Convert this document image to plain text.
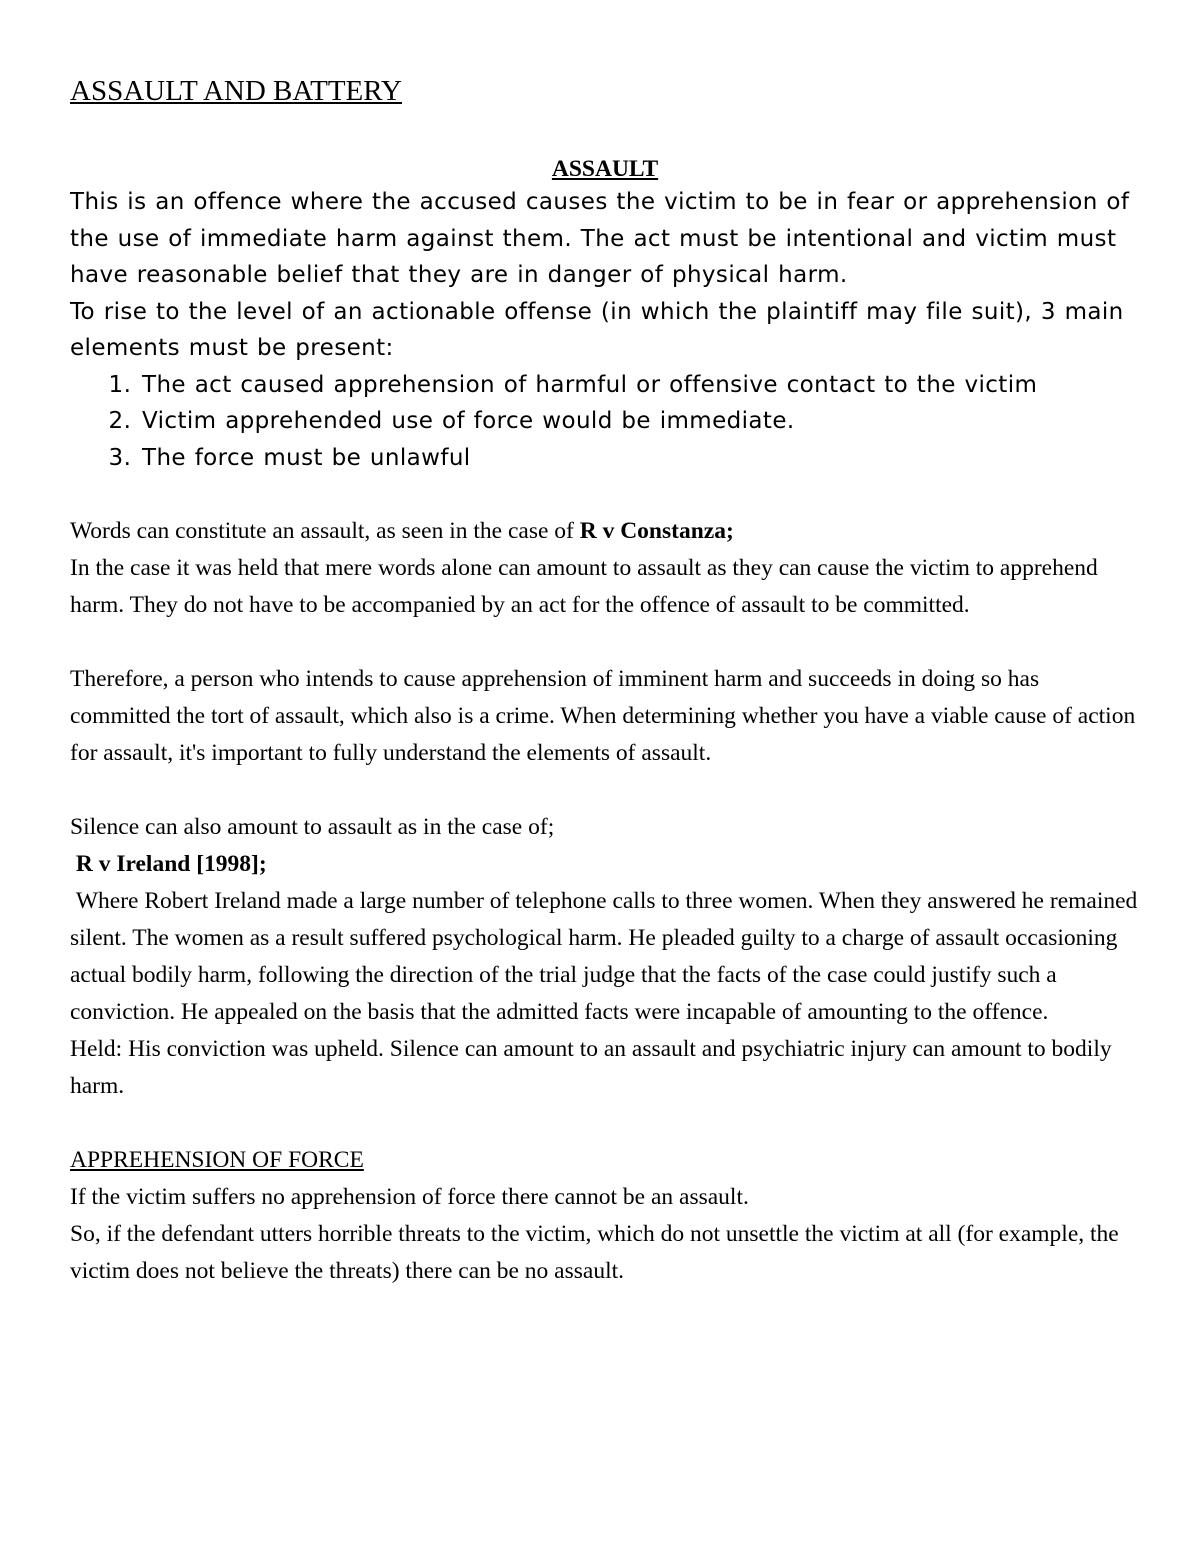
ASSAULT AND BATTERY
ASSAULT

This is an offence where the accused causes the victim to be in fear or apprehension of the use of immediate harm against them. The act must be intentional and victim must have reasonable belief that they are in danger of physical harm.

To rise to the level of an actionable offense (in which the plaintiff may file suit), 3 main elements must be present:

1. The act caused apprehension of harmful or offensive contact to the victim
2. Victim apprehended use of force would be immediate.
3. The force must be unlawful

Words can constitute an assault, as seen in the case of R v Constanza;

In the case it was held that mere words alone can amount to assault as they can cause the victim to apprehend harm. They do not have to be accompanied by an act for the offence of assault to be committed.

Therefore, a person who intends to cause apprehension of imminent harm and succeeds in doing so has committed the tort of assault, which also is a crime. When determining whether you have a viable cause of action for assault, it's important to fully understand the elements of assault.

Silence can also amount to assault as in the case of;

R v Ireland [1998];

Where Robert Ireland made a large number of telephone calls to three women. When they answered he remained silent. The women as a result suffered psychological harm. He pleaded guilty to a charge of assault occasioning actual bodily harm, following the direction of the trial judge that the facts of the case could justify such a conviction. He appealed on the basis that the admitted facts were incapable of amounting to the offence.

Held: His conviction was upheld. Silence can amount to an assault and psychiatric injury can amount to bodily harm.

APPREHENSION OF FORCE

If the victim suffers no apprehension of force there cannot be an assault.

So, if the defendant utters horrible threats to the victim, which do not unsettle the victim at all (for example, the victim does not believe the threats) there can be no assault.
